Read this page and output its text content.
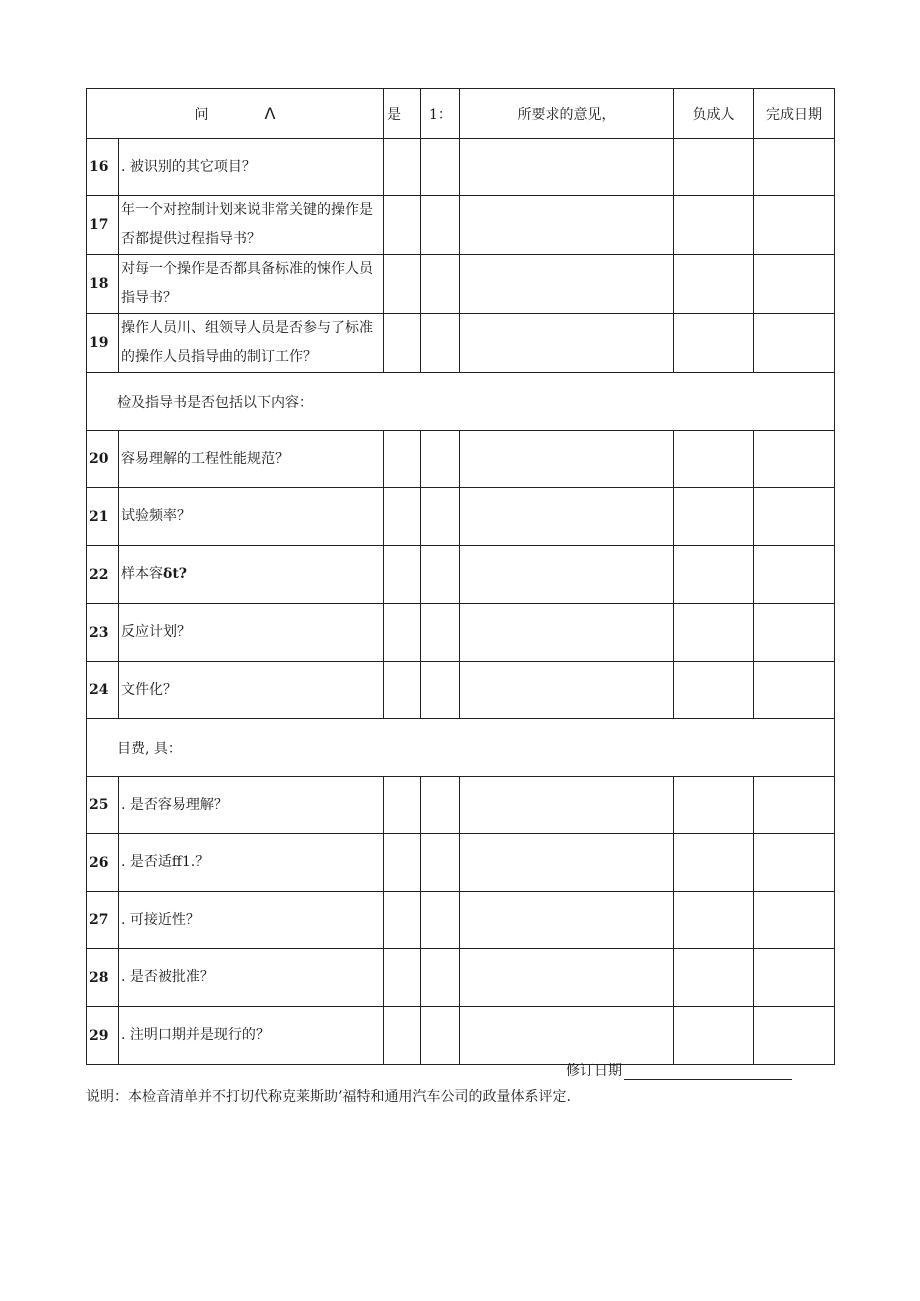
问 Λ		是	1：	所要求的意见，	负成人	完成日期
16	. 被识别的其它项目？					
17	年一个对控制计划来说非常关键的操作是否都提供过程指导书？					
18	对每一个操作是否都具备标准的悚作人员指导书？					
19	操作人员川、组领导人员是否参与了标准的操作人员指导曲的制订工作？					
检及指导书是否包括以下内容：						
20	容易理解的工程性能规范？					
21	试验频率？					
22	样本容δt?					
23	反应计划？					
24	文件化？					
目费, 具：						
25	. 是否容易理解？					
26	. 是否适ff1.？					
27	. 可接近性？					
28	. 是否被批准？					
29	. 注明口期并是现行的？					
修订日期
说明：本检音清单并不打切代称克莱斯助’福特和通用汽车公司的政量体系评定.
